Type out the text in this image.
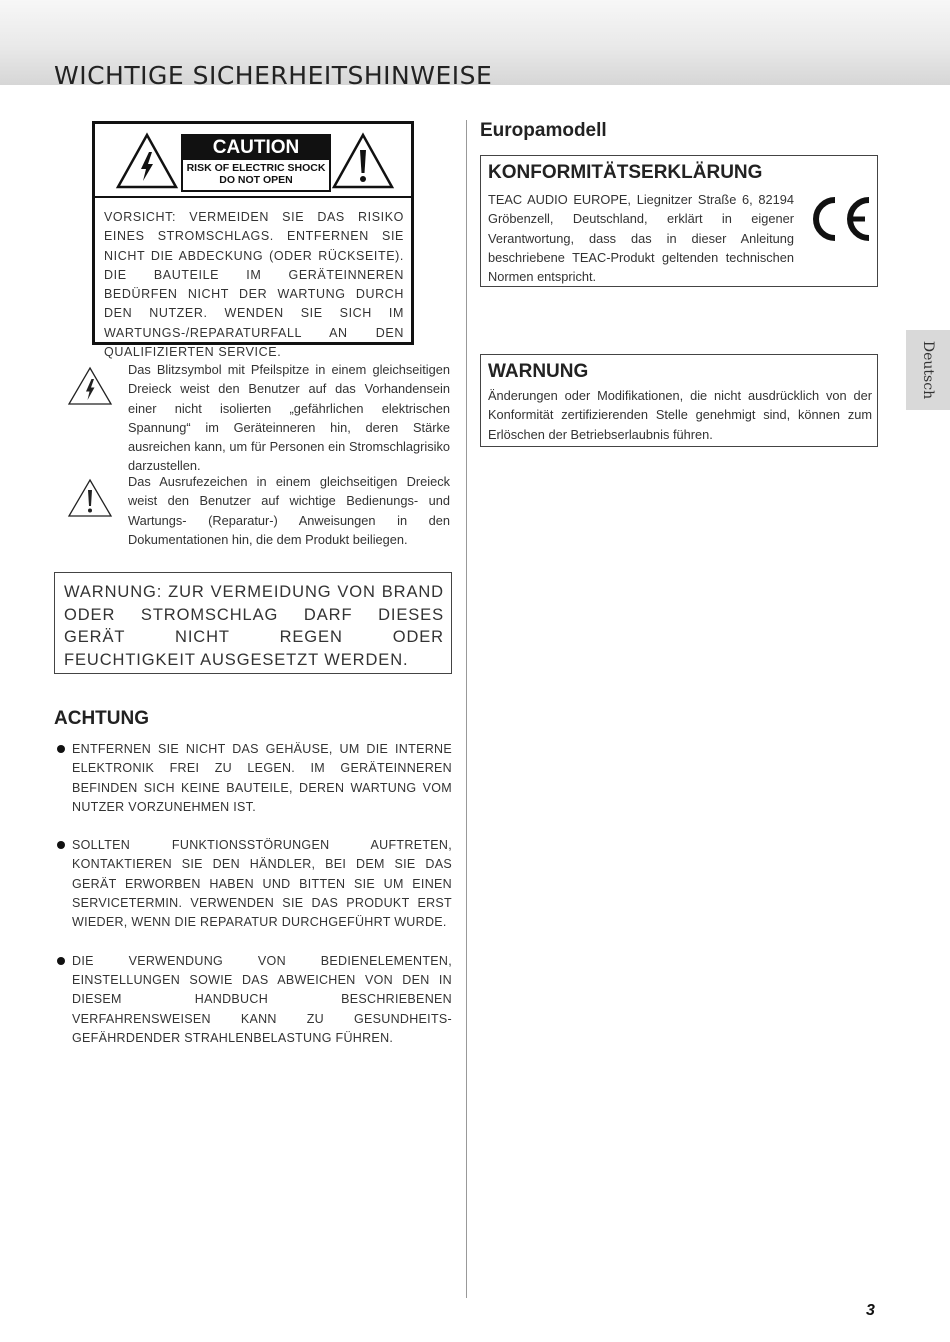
WICHTIGE SICHERHEITSHINWEISE
Deutsch
CAUTION
RISK OF ELECTRIC SHOCK
DO NOT OPEN
VORSICHT: VERMEIDEN SIE DAS RISIKO EINES STROMSCHLAGS. ENTFERNEN SIE NICHT DIE ABDECKUNG (ODER RÜCKSEITE). DIE BAUTEILE IM GERÄTEINNEREN BEDÜRFEN NICHT DER WARTUNG DURCH DEN NUTZER. WENDEN SIE SICH IM WARTUNGS-/REPARATURFALL AN DEN QUALIFIZIERTEN SERVICE.
Das Blitzsymbol mit Pfeilspitze in einem gleichseitigen Dreieck weist den Benutzer auf das Vorhandensein einer nicht isolierten „gefährlichen elektrischen Spannung“ im Geräteinneren hin, deren Stärke ausreichen kann, um für Personen ein Stromschlagrisiko darzustellen.
Das Ausrufezeichen in einem gleichseitigen Dreieck weist den Benutzer auf wichtige Bedienungs- und Wartungs- (Reparatur-) Anweisungen in den Dokumentationen hin, die dem Produkt beiliegen.

WARNUNG: ZUR VERMEIDUNG VON BRAND ODER STROMSCHLAG DARF DIESES GERÄT NICHT REGEN ODER FEUCHTIGKEIT AUSGESETZT WERDEN.

ACHTUNG
ENTFERNEN SIE NICHT DAS GEHÄUSE, UM DIE INTERNE ELEKTRONIK FREI ZU LEGEN. IM GERÄTEINNEREN BEFINDEN SICH KEINE BAUTEILE, DEREN WARTUNG VOM NUTZER VORZUNEHMEN IST.
SOLLTEN FUNKTIONSSTÖRUNGEN AUFTRETEN, KONTAKTIEREN SIE DEN HÄNDLER, BEI DEM SIE DAS GERÄT ERWORBEN HABEN UND BITTEN SIE UM EINEN SERVICETERMIN. VERWENDEN SIE DAS PRODUKT ERST WIEDER, WENN DIE REPARATUR DURCHGEFÜHRT WURDE.
DIE VERWENDUNG VON BEDIENELEMENTEN, EINSTELLUNGEN SOWIE DAS ABWEICHEN VON DEN IN DIESEM HANDBUCH BESCHRIEBENEN VERFAHRENSWEISEN KANN ZU GESUNDHEITS-GEFÄHRDENDER STRAHLENBELASTUNG FÜHREN.
Europamodell
KONFORMITÄTSERKLÄRUNG
TEAC AUDIO EUROPE, Liegnitzer Straße 6, 82194 Gröbenzell, Deutschland, erklärt in eigener Verantwortung, dass das in dieser Anleitung beschriebene TEAC-Produkt geltenden technischen Normen entspricht.
WARNUNG
Änderungen oder Modifikationen, die nicht ausdrücklich von der Konformität zertifizierenden Stelle genehmigt sind, können zum Erlöschen der Betriebserlaubnis führen.
3
